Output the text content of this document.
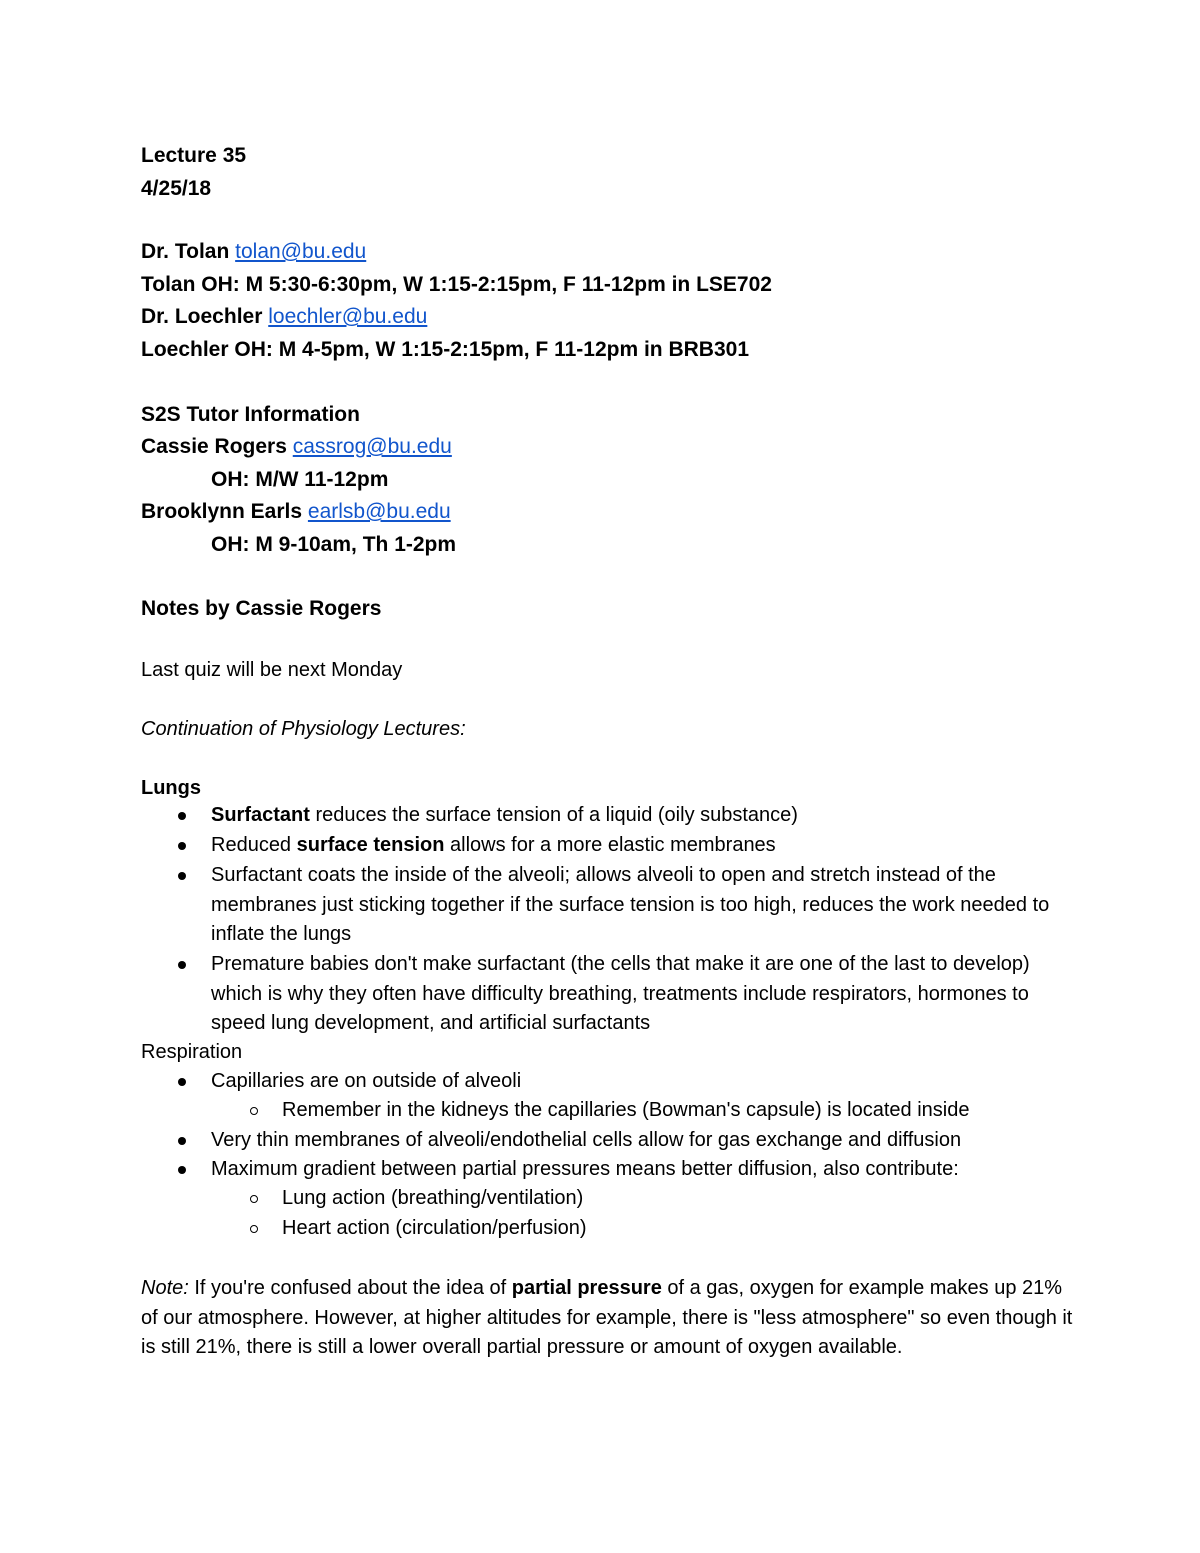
Lecture 35
4/25/18
Dr. Tolan tolan@bu.edu
Tolan OH: M 5:30-6:30pm, W 1:15-2:15pm, F 11-12pm in LSE702
Dr. Loechler loechler@bu.edu
Loechler OH: M 4-5pm, W 1:15-2:15pm, F 11-12pm in BRB301
S2S Tutor Information
Cassie Rogers cassrog@bu.edu
OH: M/W 11-12pm
Brooklynn Earls earlsb@bu.edu
OH: M 9-10am, Th 1-2pm
Notes by Cassie Rogers
Last quiz will be next Monday
Continuation of Physiology Lectures:
Lungs
Surfactant reduces the surface tension of a liquid (oily substance)
Reduced surface tension allows for a more elastic membranes
Surfactant coats the inside of the alveoli; allows alveoli to open and stretch instead of the membranes just sticking together if the surface tension is too high, reduces the work needed to inflate the lungs
Premature babies don't make surfactant (the cells that make it are one of the last to develop) which is why they often have difficulty breathing, treatments include respirators, hormones to speed lung development, and artificial surfactants
Respiration
Capillaries are on outside of alveoli
Remember in the kidneys the capillaries (Bowman's capsule) is located inside
Very thin membranes of alveoli/endothelial cells allow for gas exchange and diffusion
Maximum gradient between partial pressures means better diffusion, also contribute:
Lung action (breathing/ventilation)
Heart action (circulation/perfusion)
Note: If you're confused about the idea of partial pressure of a gas, oxygen for example makes up 21% of our atmosphere. However, at higher altitudes for example, there is "less atmosphere" so even though it is still 21%, there is still a lower overall partial pressure or amount of oxygen available.
